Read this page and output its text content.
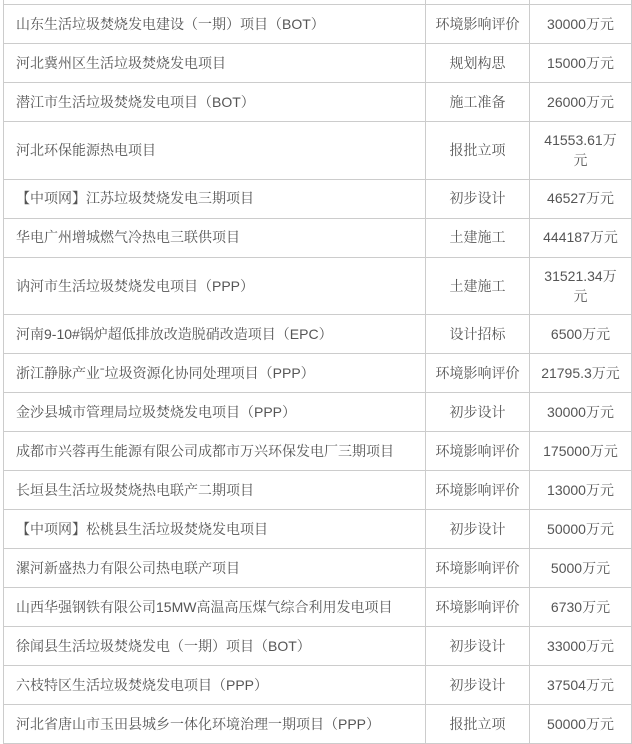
山东生活垃圾焚烧发电建设（一期）项目（BOT）	环境影响评价	30000万元
河北冀州区生活垃圾焚烧发电项目	规划构思	15000万元
潜江市生活垃圾焚烧发电项目（BOT）	施工准备	26000万元
河北环保能源热电项目	报批立项	41553.61万元
【中项网】江苏垃圾焚烧发电三期项目	初步设计	46527万元
华电广州增城燃气冷热电三联供项目	土建施工	444187万元
讷河市生活垃圾焚烧发电项目（PPP）	土建施工	31521.34万元
河南9-10#锅炉超低排放改造脱硝改造项目（EPC）	设计招标	6500万元
浙江静脉产业ˉ垃圾资源化协同处理项目（PPP）	环境影响评价	21795.3万元
金沙县城市管理局垃圾焚烧发电项目（PPP）	初步设计	30000万元
成都市兴蓉再生能源有限公司成都市万兴环保发电厂三期项目	环境影响评价	175000万元
长垣县生活垃圾焚烧热电联产二期项目	环境影响评价	13000万元
【中项网】松桃县生活垃圾焚烧发电项目	初步设计	50000万元
漯河新盛热力有限公司热电联产项目	环境影响评价	5000万元
山西华强钢铁有限公司15MW高温高压煤气综合利用发电项目	环境影响评价	6730万元
徐闻县生活垃圾焚烧发电（一期）项目（BOT）	初步设计	33000万元
六枝特区生活垃圾焚烧发电项目（PPP）	初步设计	37504万元
河北省唐山市玉田县城乡一体化环境治理一期项目（PPP）	报批立项	50000万元
